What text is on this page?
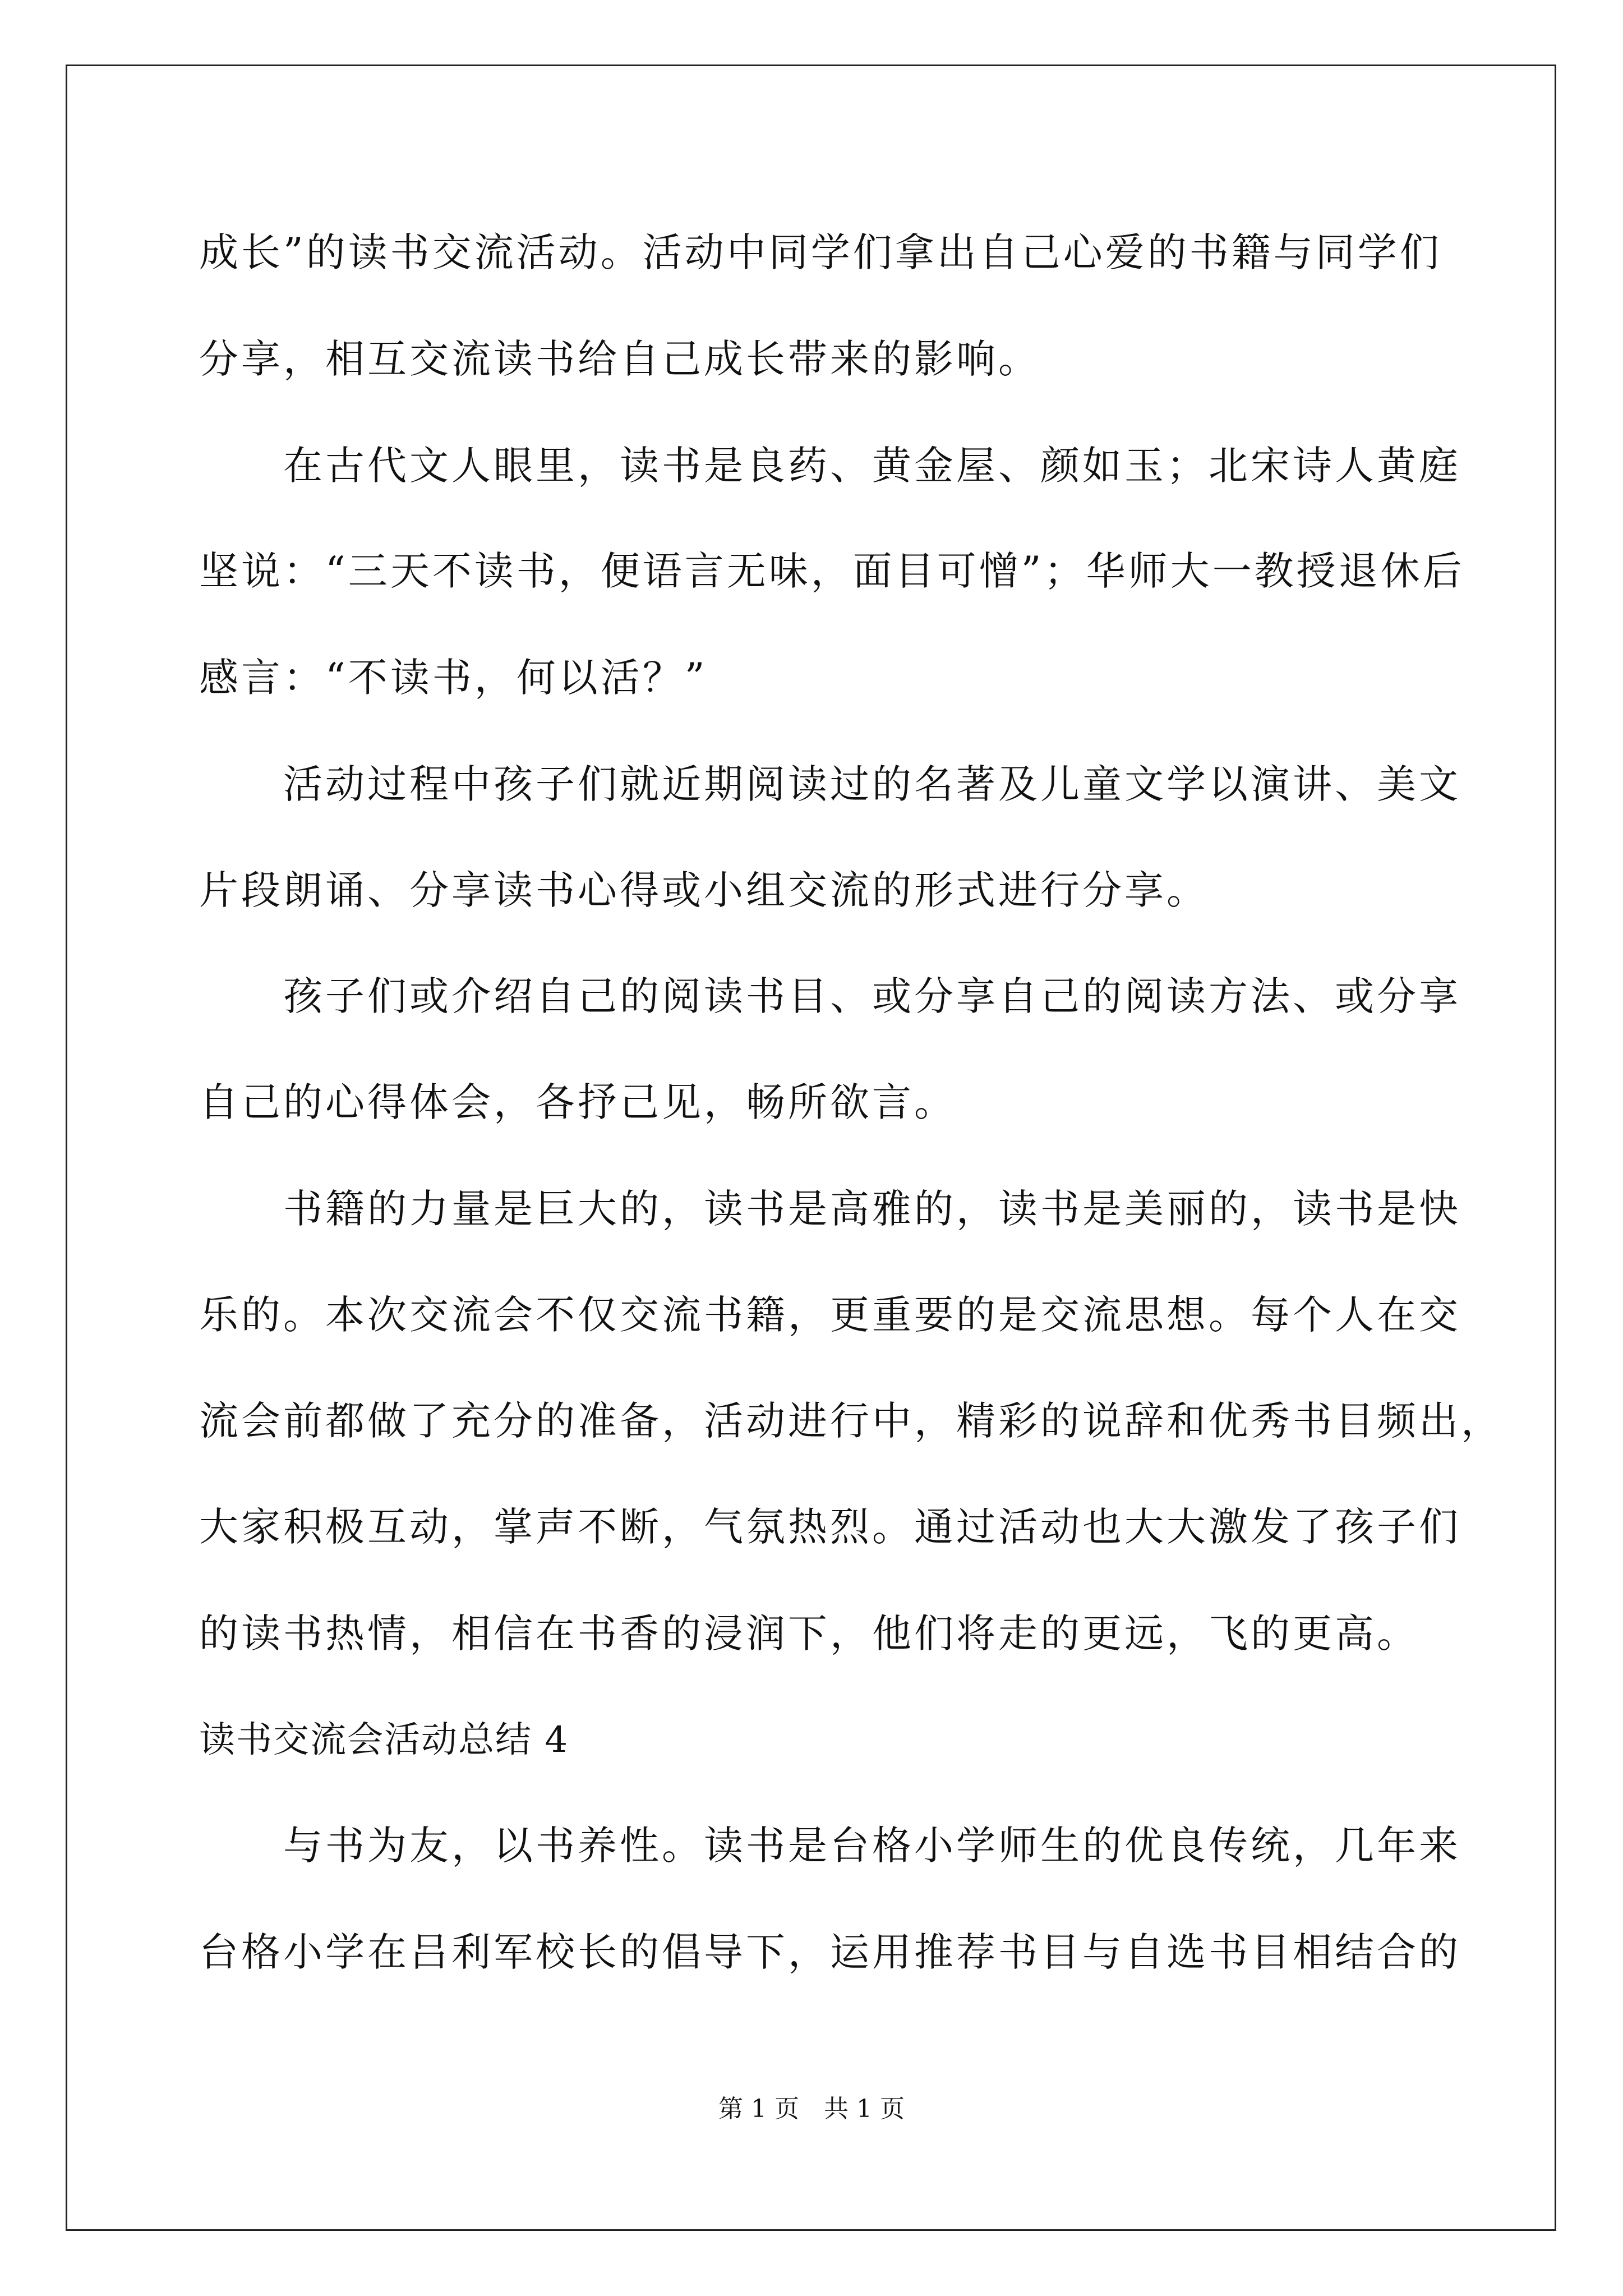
成长”的读书交流活动。活动中同学们拿出自己心爱的书籍与同学们
分享，相互交流读书给自己成长带来的影响。
　　在古代文人眼里，读书是良药、黄金屋、颜如玉；北宋诗人黄庭
坚说：“三天不读书，便语言无味，面目可憎”；华师大一教授退休后
感言：“不读书，何以活？”
　　活动过程中孩子们就近期阅读过的名著及儿童文学以演讲、美文
片段朗诵、分享读书心得或小组交流的形式进行分享。
　　孩子们或介绍自己的阅读书目、或分享自己的阅读方法、或分享
自己的心得体会，各抒己见，畅所欲言。
　　书籍的力量是巨大的，读书是高雅的，读书是美丽的，读书是快
乐的。本次交流会不仅交流书籍，更重要的是交流思想。每个人在交
流会前都做了充分的准备，活动进行中，精彩的说辞和优秀书目频出，
大家积极互动，掌声不断，气氛热烈。通过活动也大大激发了孩子们
的读书热情，相信在书香的浸润下，他们将走的更远，飞的更高。
读书交流会活动总结 4
　　与书为友，以书养性。读书是台格小学师生的优良传统，几年来
台格小学在吕利军校长的倡导下，运用推荐书目与自选书目相结合的
第 1 页　共 1 页
